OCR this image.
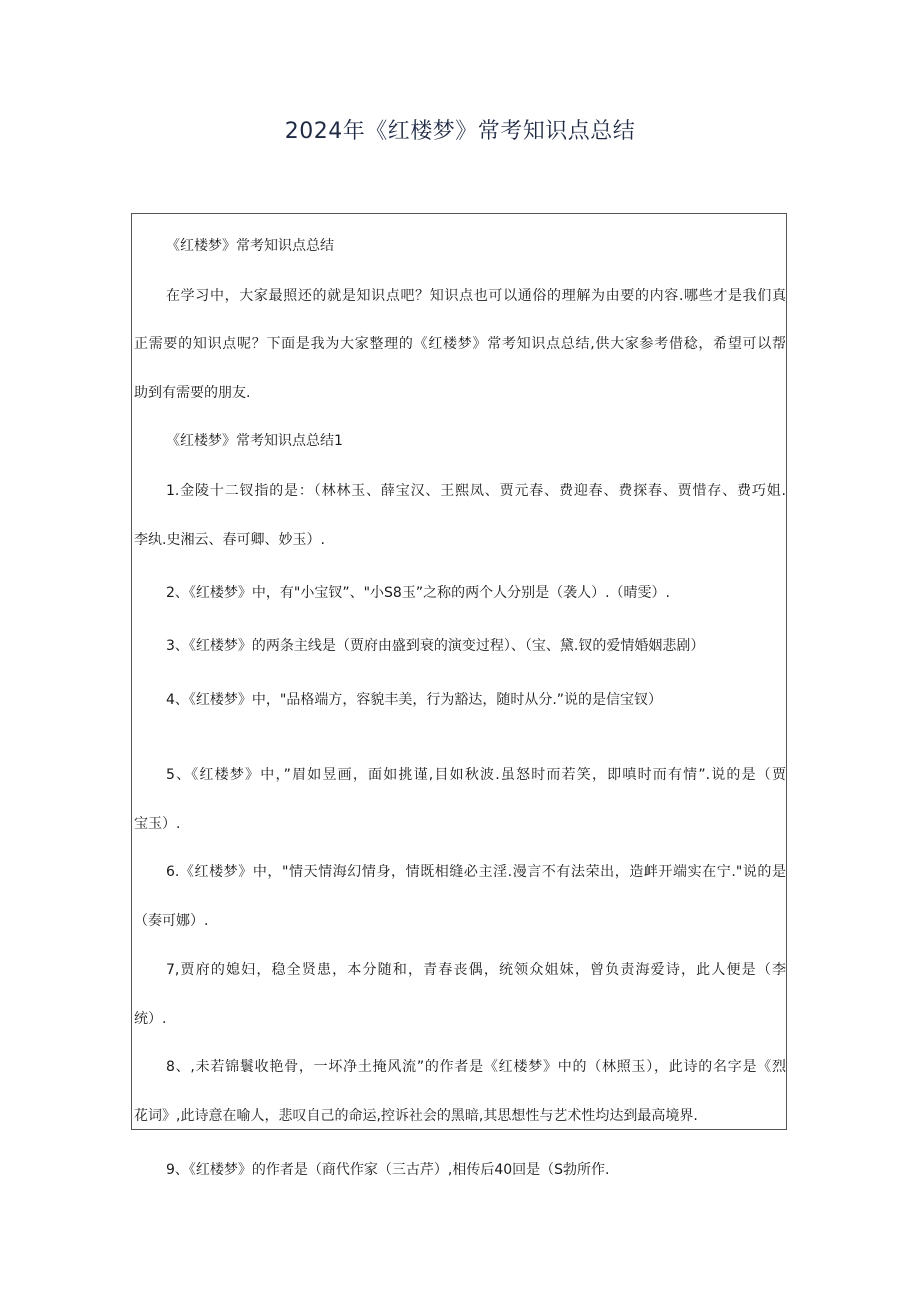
2024年《红楼梦》常考知识点总结
《红楼梦》常考知识点总结
在学习中，大家最照还的就是知识点吧？知识点也可以通俗的理解为由要的内容.哪些才是我们真
正需要的知识点呢？下面是我为大家整理的《红楼梦》常考知识点总结,供大家参考借稔，希望可以帮
助到有需要的朋友.
《红楼梦》常考知识点总结1
1.金陵十二钗指的是：（林林玉、薛宝汉、王熙凤、贾元春、费迎春、费探春、贾惜存、费巧姐.
李纨.史湘云、春可卿、妙玉）.
2、《红楼梦》中，有"小宝钗”、"小S8玉”之称的两个人分别是（袭人）.（晴雯）.
3、《红楼梦》的两条主线是（贾府由盛到衰的演变过程）、（宝、黛.钗的爱情婚姻悲剧）
4、《红楼梦》中，"品格端方，容貌丰美，行为豁达，随时从分.”说的是信宝钗）
5、《红楼梦》中，”眉如昱画，面如挑谨,目如秋波.虽怒时而若笑，即嗔时而有情”.说的是（贾
宝玉）.
6.《红楼梦》中，"情天情海幻情身，情既相缝必主淫.漫言不有法荣出，造衅开端实在宁."说的是
（奏可娜）.
7,贾府的媳妇，稳全贤患，本分随和，青春丧偶，统领众姐妹，曾负责海爱诗，此人便是（李
统）.
8、,未若锦鬟收艳骨，一坏净土掩风流”的作者是《红楼梦》中的（林照玉），此诗的名字是《烈
花词》,此诗意在喻人，悲叹自己的命运,控诉社会的黑暗,其思想性与艺术性均达到最高境界.
9、《红楼梦》的作者是（商代作家（三古芹）,相传后40回是（S勃所作.
